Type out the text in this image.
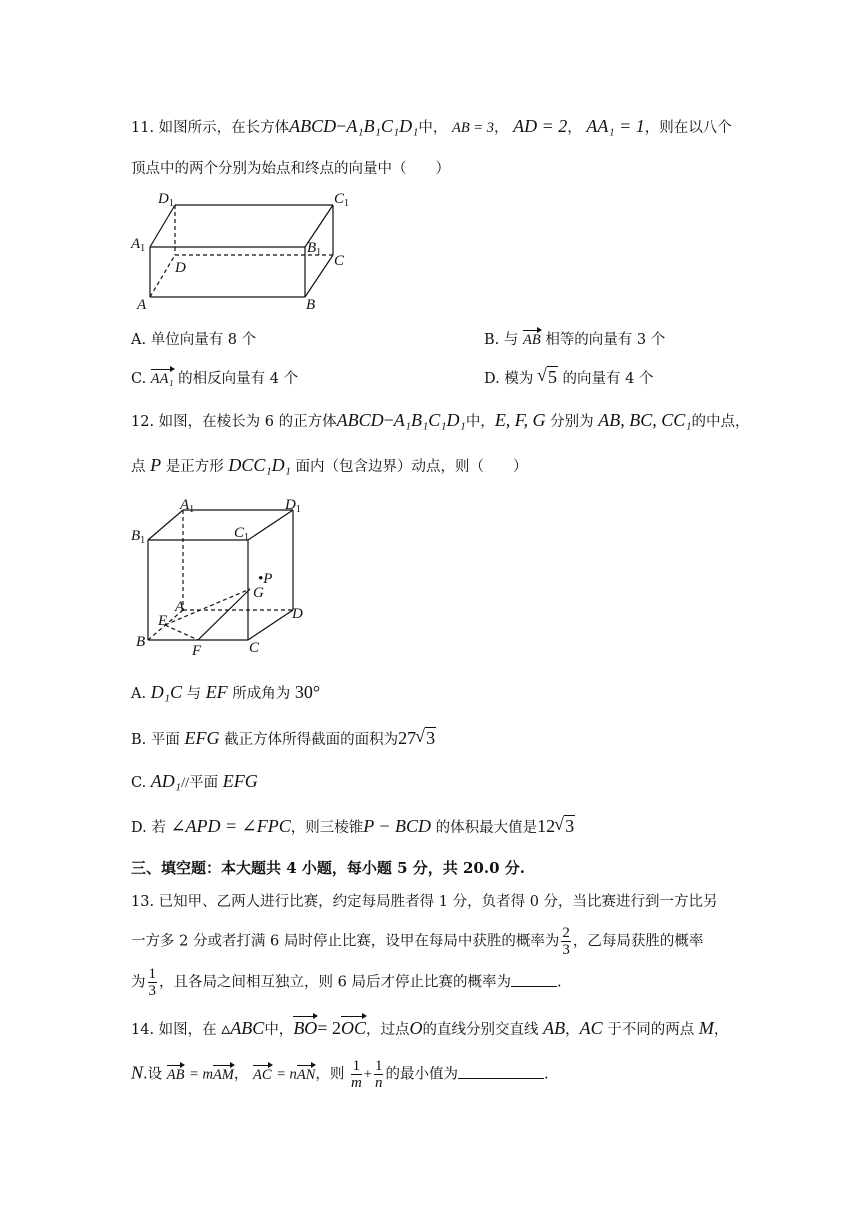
11. 如图所示，在长方体ABCD−A₁B₁C₁D₁中， AB = 3， AD = 2， AA₁ = 1，则在以八个
顶点中的两个分别为始点和终点的向量中（　　）
$D_1$	$C_1$
$A_1$	$B_1$
D	C
A	B
A. 单位向量有 8 个	B. 与 AB 相等的向量有 3 个
C. AA₁ 的相反向量有 4 个	D. 模为 √ 5 的向量有 4 个
12. 如图，在棱长为 6 的正方体ABCD−A₁B₁C₁D₁中，E, F, G 分别为 AB, BC, CC₁的中点，
点 P 是正方形 DCC₁D₁ 面内（包含边界）动点，则（　　）
$A_1$	$D_1$
$B_1$	$C_1$
•P
G
A	D
E
B
F	C
A. D₁C 与 EF 所成角为 30°
B. 平面 EFG 截正方体所得截面的面积为27 √ 3
C. AD₁//平面 EFG
D. 若 ∠APD = ∠FPC，则三棱锥P − BCD 的体积最大值是12 √ 3
三、填空题：本大题共 4 小题，每小题 5 分，共 20.0 分.
13. 已知甲、乙两人进行比赛，约定每局胜者得 1 分，负者得 0 分，当比赛进行到一方比另
一方多 2 分或者打满 6 局时停止比赛，设甲在每局中获胜的概率为 $\frac{2}{3}$ ，乙每局获胜的概率
为 $\frac{1}{3}$ ，且各局之间相互独立，则 6 局后才停止比赛的概率为	.
14. 如图，在 ▵ABC中，BO= 2OC，过点O的直线分别交直线 AB，AC 于不同的两点 M，
N.设 AB = mAM， AC = nAN，则 $\frac{1}{m} + \frac{1}{n}$ 的最小值为	.
